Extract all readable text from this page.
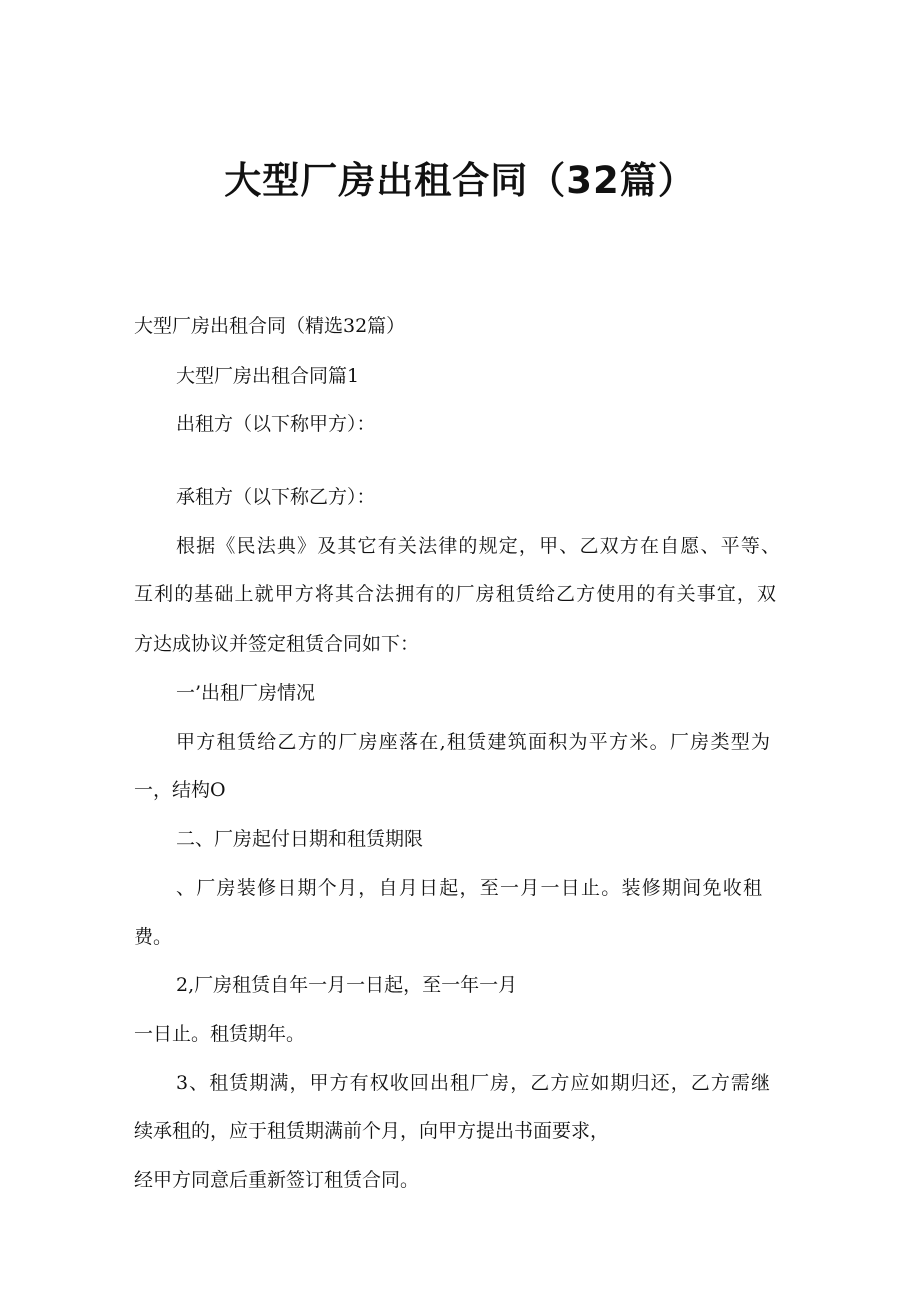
大型厂房出租合同（32篇）
大型厂房出租合同（精选32篇）
大型厂房出租合同篇1
出租方（以下称甲方）：
承租方（以下称乙方）：
根据《民法典》及其它有关法律的规定，甲、乙双方在自愿、平等、
互利的基础上就甲方将其合法拥有的厂房租赁给乙方使用的有关事宜，双
方达成协议并签定租赁合同如下：
一’出租厂房情况
甲方租赁给乙方的厂房座落在,租赁建筑面积为平方米。厂房类型为
一，结构O
二、厂房起付日期和租赁期限
、厂房装修日期个月，自月日起，至一月一日止。装修期间免收租
费。
2,厂房租赁自年一月一日起，至一年一月
一日止。租赁期年。
3、租赁期满，甲方有权收回出租厂房，乙方应如期归还，乙方需继
续承租的，应于租赁期满前个月，向甲方提出书面要求，
经甲方同意后重新签订租赁合同。
